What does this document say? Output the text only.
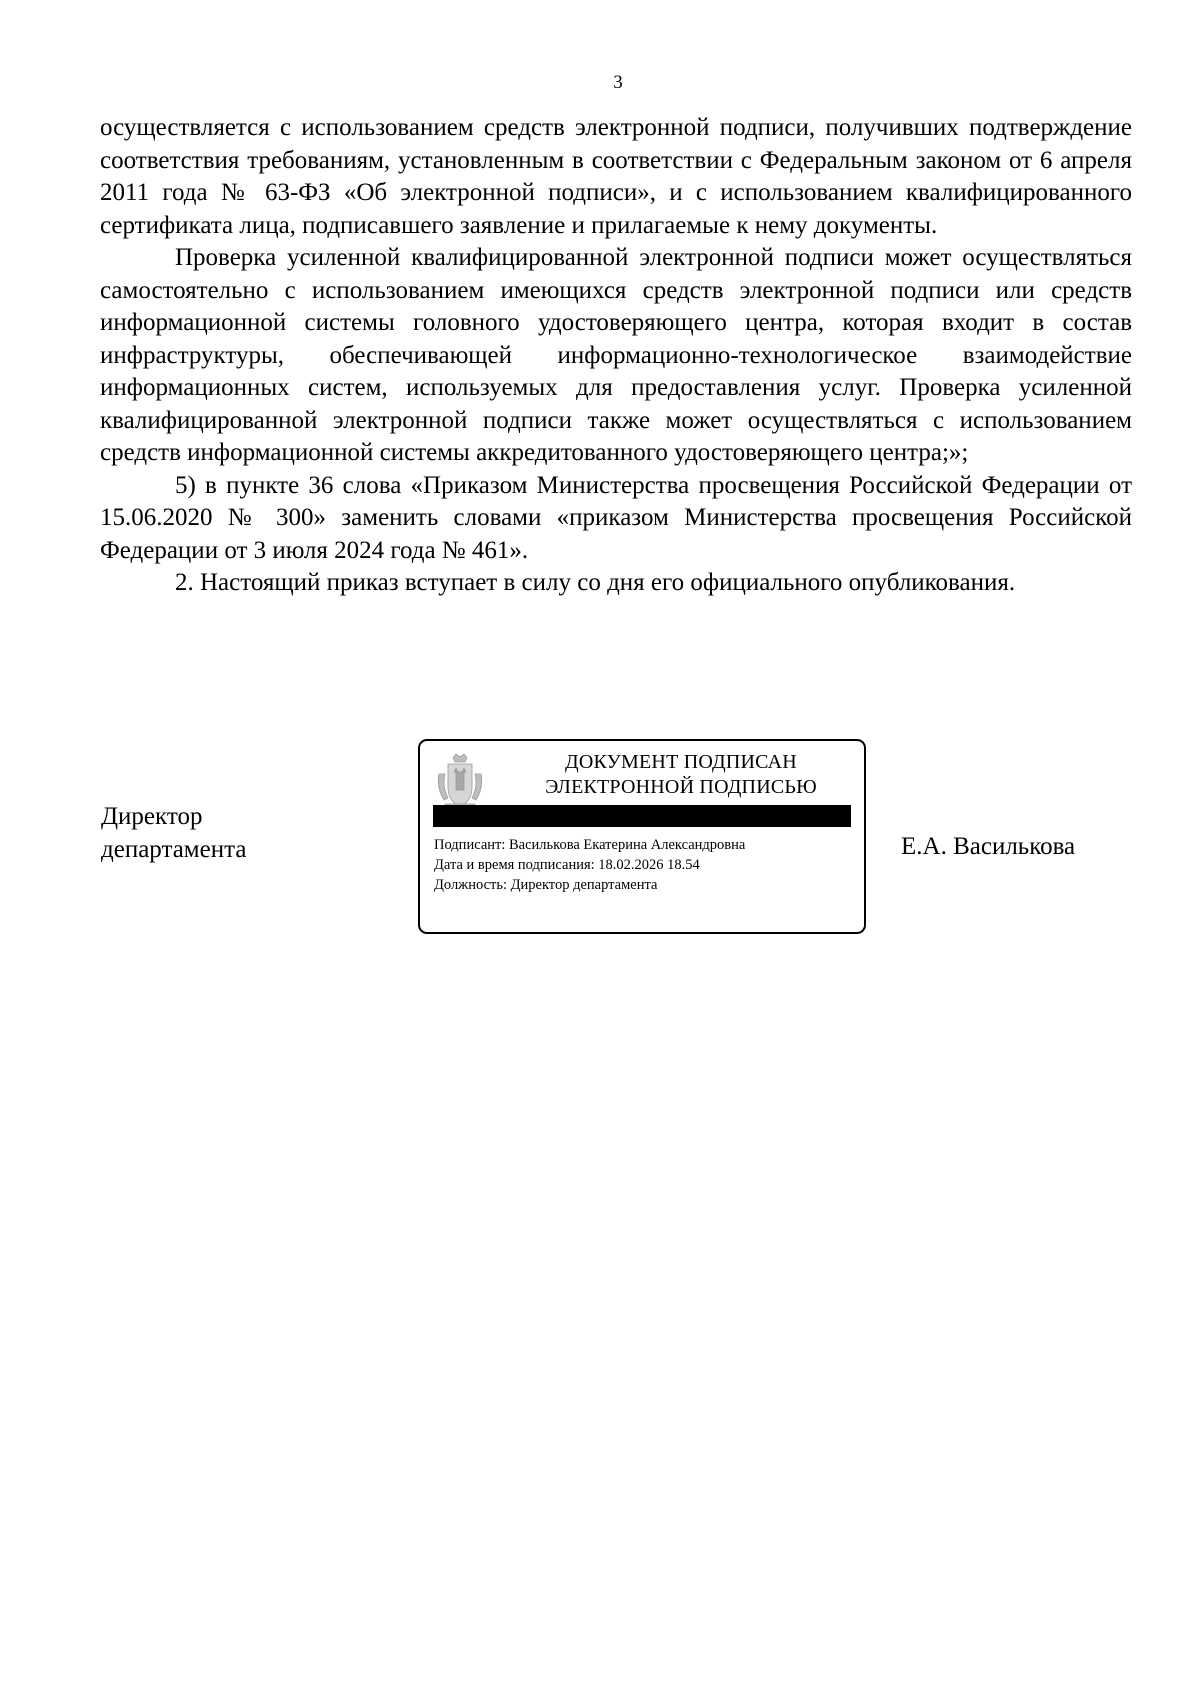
3

осуществляется с использованием средств электронной подписи, получивших подтверждение соответствия требованиям, установленным в соответствии с Федеральным законом от 6 апреля 2011 года № 63-ФЗ «Об электронной подписи», и с использованием квалифицированного сертификата лица, подписавшего заявление и прилагаемые к нему документы.

Проверка усиленной квалифицированной электронной подписи может осуществляться самостоятельно с использованием имеющихся средств электронной подписи или средств информационной системы головного удостоверяющего центра, которая входит в состав инфраструктуры, обеспечивающей информационно-технологическое взаимодействие информационных систем, используемых для предоставления услуг. Проверка усиленной квалифицированной электронной подписи также может осуществляться с использованием средств информационной системы аккредитованного удостоверяющего центра;»;

5) в пункте 36 слова «Приказом Министерства просвещения Российской Федерации от 15.06.2020 № 300» заменить словами «приказом Министерства просвещения Российской Федерации от 3 июля 2024 года № 461».

2. Настоящий приказ вступает в силу со дня его официального опубликования.

Директор
департамента
ДОКУМЕНТ ПОДПИСАН
ЭЛЕКТРОННОЙ ПОДПИСЬЮ
Подписант: Василькова Екатерина Александровна
Дата и время подписания: 18.02.2026 18.54
Должность: Директор департамента
Е.А. Василькова
